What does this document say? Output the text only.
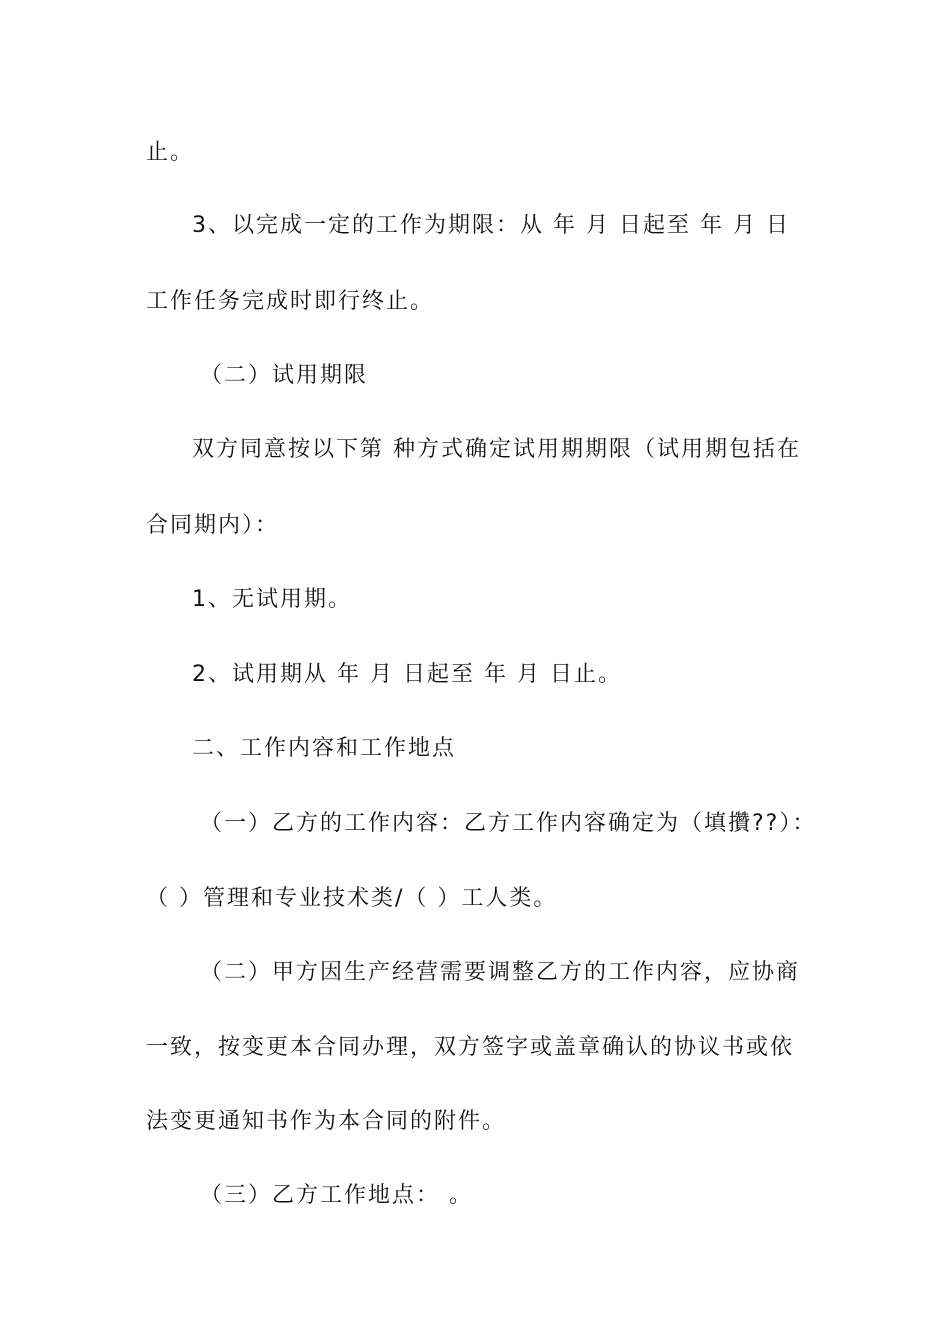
止。
3、以完成一定的工作为期限：从 年 月 日起至 年 月 日
工作任务完成时即行终止。
（二）试用期限
双方同意按以下第 种方式确定试用期期限（试用期包括在
合同期内）：
1、无试用期。
2、试用期从 年 月 日起至 年 月 日止。
二、工作内容和工作地点
（一）乙方的工作内容：乙方工作内容确定为（填攢??）：
（ ）管理和专业技术类/（ ）工人类。
（二）甲方因生产经营需要调整乙方的工作内容，应协商
一致，按变更本合同办理，双方签字或盖章确认的协议书或依
法变更通知书作为本合同的附件。
（三）乙方工作地点： 。
